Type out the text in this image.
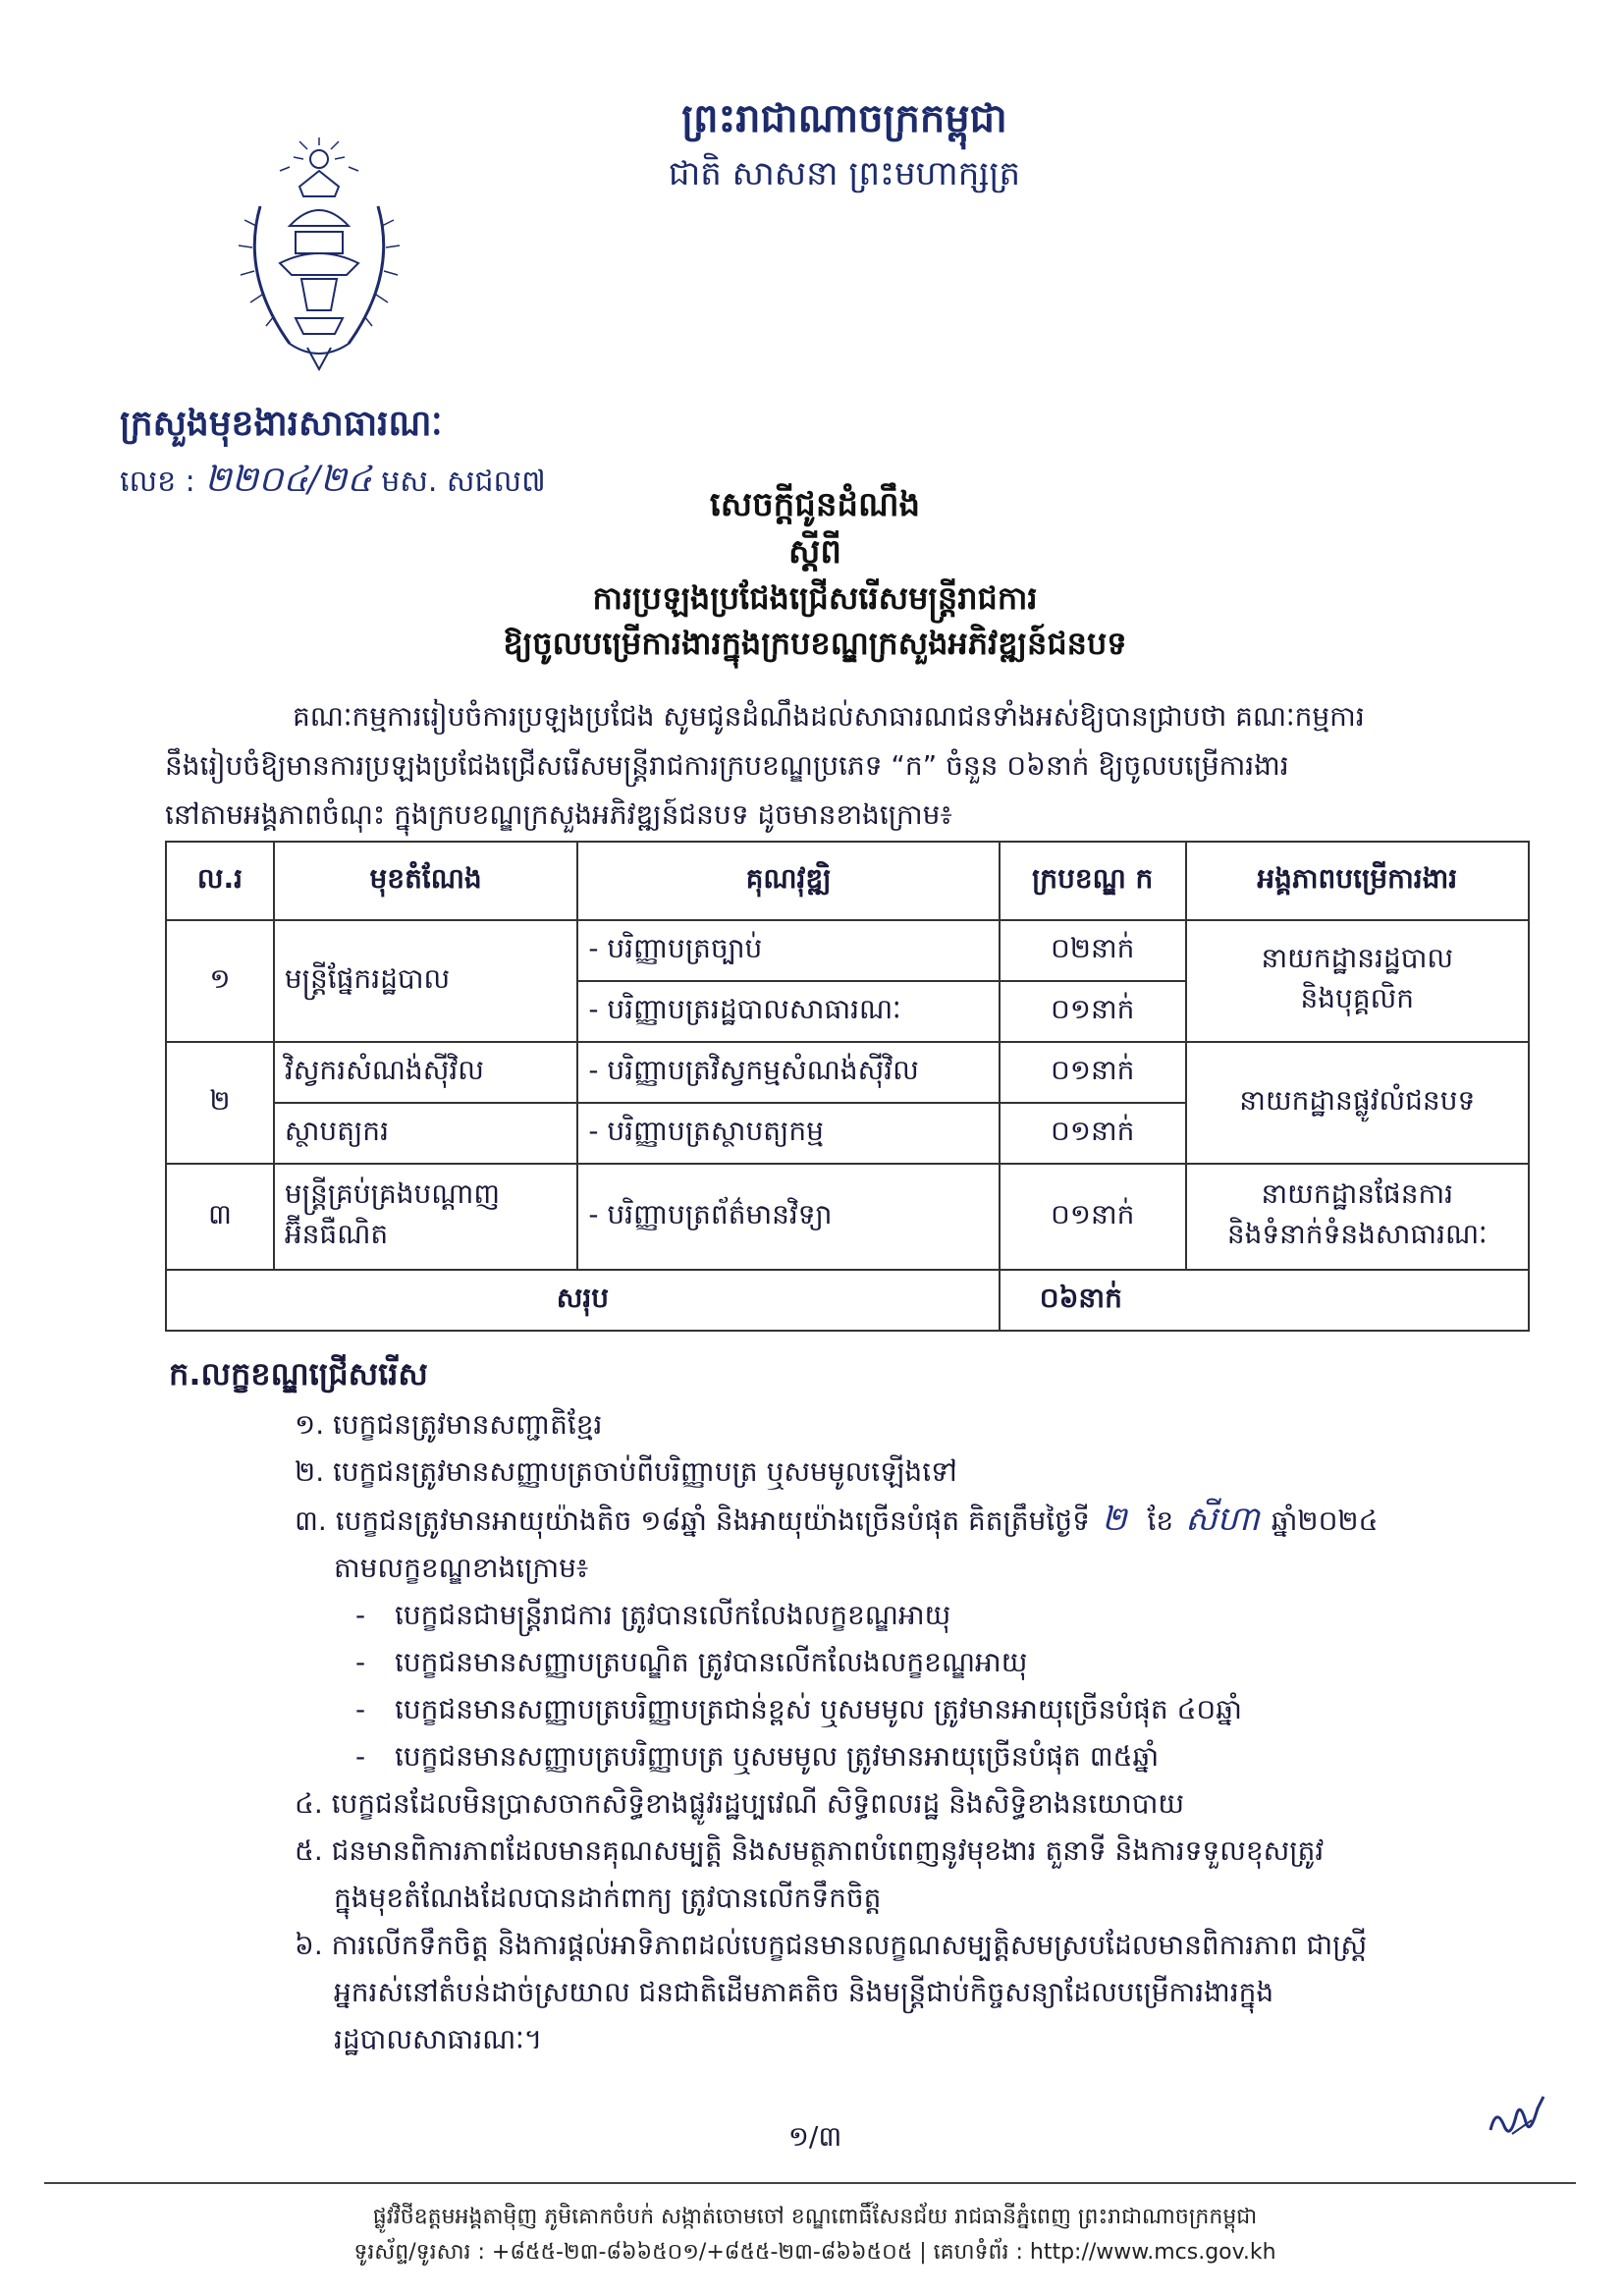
ព្រះរាជាណាចក្រកម្ពុជា
ជាតិ សាសនា ព្រះមហាក្សត្រ
ក្រសួងមុខងារសាធារណៈ
លេខ : ២២០៤/២៤ មស. សជល៧
សេចក្តីជូនដំណឹង
ស្តីពី
ការប្រឡងប្រជែងជ្រើសរើសមន្ត្រីរាជការ
ឱ្យចូលបម្រើការងារក្នុងក្របខណ្ឌក្រសួងអភិវឌ្ឍន៍ជនបទ
គណៈកម្មការរៀបចំការប្រឡងប្រជែង សូមជូនដំណឹងដល់សាធារណជនទាំងអស់ឱ្យបានជ្រាបថា គណៈកម្មការ
នឹងរៀបចំឱ្យមានការប្រឡងប្រជែងជ្រើសរើសមន្ត្រីរាជការក្របខណ្ឌប្រភេទ “ក” ចំនួន ០៦នាក់ ឱ្យចូលបម្រើការងារ
នៅតាមអង្គភាពចំណុះ ក្នុងក្របខណ្ឌក្រសួងអភិវឌ្ឍន៍ជនបទ ដូចមានខាងក្រោម៖
ល.រ	មុខតំណែង	គុណវុឌ្ឍិ	ក្របខណ្ឌ ក	អង្គភាពបម្រើការងារ
១	មន្ត្រីផ្នែករដ្ឋបាល	- បរិញ្ញាបត្រច្បាប់	០២នាក់	នាយកដ្ឋានរដ្ឋបាល
និងបុគ្គលិក

		- បរិញ្ញាបត្ររដ្ឋបាលសាធារណៈ	០១នាក់	
២	វិស្វករសំណង់ស៊ីវិល	- បរិញ្ញាបត្រវិស្វកម្មសំណង់ស៊ីវិល	០១នាក់	នាយកដ្ឋានផ្លូវលំជនបទ

	ស្ថាបត្យករ	- បរិញ្ញាបត្រស្ថាបត្យកម្ម	០១នាក់	
៣	មន្ត្រីគ្រប់គ្រងបណ្តាញ អ៊ីនធឺណិត	- បរិញ្ញាបត្រព័ត៌មានវិទ្យា	០១នាក់	នាយកដ្ឋានផែនការ
និងទំនាក់ទំនងសាធារណៈ

សរុប			០៦នាក់	
ក.លក្ខខណ្ឌជ្រើសរើស
១. បេក្ខជនត្រូវមានសញ្ជាតិខ្មែរ
២. បេក្ខជនត្រូវមានសញ្ញាបត្រចាប់ពីបរិញ្ញាបត្រ ឬសមមូលឡើងទៅ
៣. បេក្ខជនត្រូវមានអាយុយ៉ាងតិច ១៨ឆ្នាំ និងអាយុយ៉ាងច្រើនបំផុត គិតត្រឹមថ្ងៃទី ២ ខែ សីហា ឆ្នាំ២០២៤
តាមលក្ខខណ្ឌខាងក្រោម៖
- បេក្ខជនជាមន្ត្រីរាជការ ត្រូវបានលើកលែងលក្ខខណ្ឌអាយុ
- បេក្ខជនមានសញ្ញាបត្របណ្ឌិត ត្រូវបានលើកលែងលក្ខខណ្ឌអាយុ
- បេក្ខជនមានសញ្ញាបត្របរិញ្ញាបត្រជាន់ខ្ពស់ ឬសមមូល ត្រូវមានអាយុច្រើនបំផុត ៤០ឆ្នាំ
- បេក្ខជនមានសញ្ញាបត្របរិញ្ញាបត្រ ឬសមមូល ត្រូវមានអាយុច្រើនបំផុត ៣៥ឆ្នាំ
៤. បេក្ខជនដែលមិនប្រាសចាកសិទ្ធិខាងផ្លូវរដ្ឋប្បវេណី សិទ្ធិពលរដ្ឋ និងសិទ្ធិខាងនយោបាយ
៥. ជនមានពិការភាពដែលមានគុណសម្បត្តិ និងសមត្ថភាពបំពេញនូវមុខងារ តួនាទី និងការទទួលខុសត្រូវ
ក្នុងមុខតំណែងដែលបានដាក់ពាក្យ ត្រូវបានលើកទឹកចិត្ត
៦. ការលើកទឹកចិត្ត និងការផ្តល់អាទិភាពដល់បេក្ខជនមានលក្ខណសម្បត្តិសមស្របដែលមានពិការភាព ជាស្ត្រី
អ្នករស់នៅតំបន់ដាច់ស្រយាល ជនជាតិដើមភាគតិច និងមន្ត្រីជាប់កិច្ចសន្យាដែលបម្រើការងារក្នុង
រដ្ឋបាលសាធារណៈ។
១/៣
ផ្លូវវិថីឧត្តមអង្គតាម៉ិញ ភូមិគោកចំបក់ សង្កាត់ចោមចៅ ខណ្ឌពោធិ៍សែនជ័យ រាជធានីភ្នំពេញ ព្រះរាជាណាចក្រកម្ពុជា
ទូរស័ព្ទ/ទូរសារ : +៨៥៥-២៣-៨៦៦៥០១/+៨៥៥-២៣-៨៦៦៥០៥ | គេហទំព័រ : http://www.mcs.gov.kh
